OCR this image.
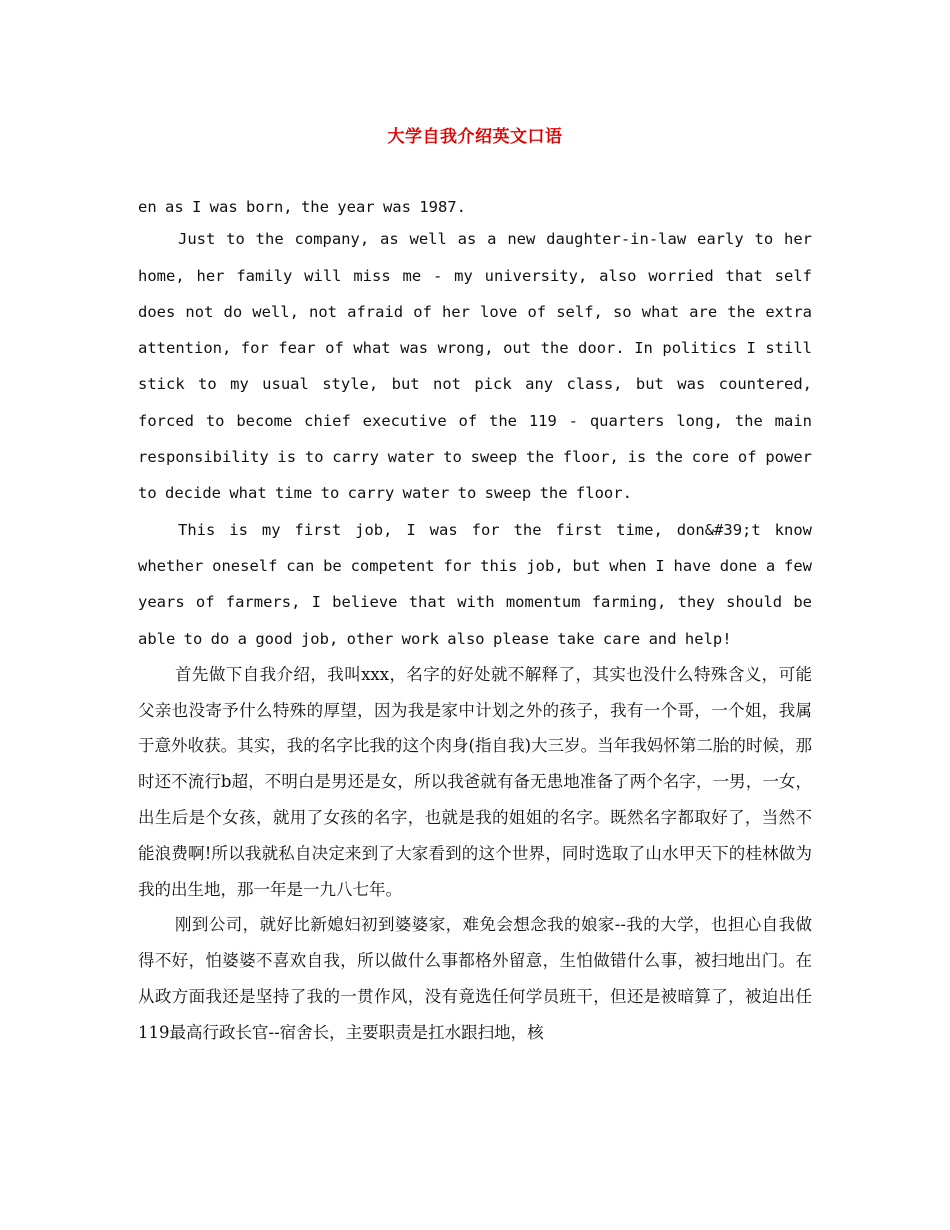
大学自我介绍英文口语

en as I was born, the year was 1987.

Just to the company, as well as a new daughter-in-law early to her home, her family will miss me - my university, also worried that self does not do well, not afraid of her love of self, so what are the extra attention, for fear of what was wrong, out the door. In politics I still stick to my usual style, but not pick any class, but was countered, forced to become chief executive of the 119 - quarters long, the main responsibility is to carry water to sweep the floor, is the core of power to decide what time to carry water to sweep the floor.

This is my first job, I was for the first time, don&#39;t know whether oneself can be competent for this job, but when I have done a few years of farmers, I believe that with momentum farming, they should be able to do a good job, other work also please take care and help!

首先做下自我介绍，我叫xxx，名字的好处就不解释了，其实也没什么特殊含义，可能父亲也没寄予什么特殊的厚望，因为我是家中计划之外的孩子，我有一个哥，一个姐，我属于意外收获。其实，我的名字比我的这个肉身(指自我)大三岁。当年我妈怀第二胎的时候，那时还不流行b超，不明白是男还是女，所以我爸就有备无患地准备了两个名字，一男，一女，出生后是个女孩，就用了女孩的名字，也就是我的姐姐的名字。既然名字都取好了，当然不能浪费啊!所以我就私自决定来到了大家看到的这个世界，同时选取了山水甲天下的桂林做为我的出生地，那一年是一九八七年。

刚到公司，就好比新媳妇初到婆婆家，难免会想念我的娘家--我的大学，也担心自我做得不好，怕婆婆不喜欢自我，所以做什么事都格外留意，生怕做错什么事，被扫地出门。在从政方面我还是坚持了我的一贯作风，没有竟选任何学员班干，但还是被暗算了，被迫出任119最高行政长官--宿舍长，主要职责是扛水跟扫地，核
